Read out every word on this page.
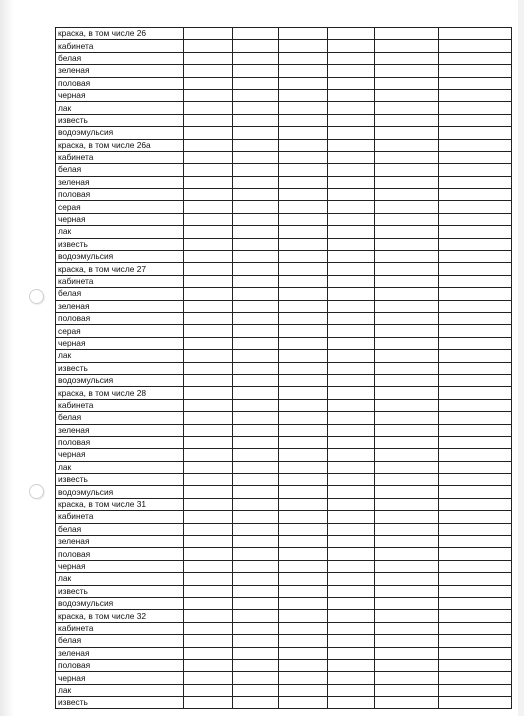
краска, в том числе 26						
кабинета						
белая						
зеленая						
половая						
черная						
лак						
известь						
водоэмульсия						
краска, в том числе 26а						
кабинета						
белая						
зеленая						
половая						
серая						
черная						
лак						
известь						
водоэмульсия						
краска, в том числе 27						
кабинета						
белая						
зеленая						
половая						
серая						
черная						
лак						
известь						
водоэмульсия						
краска, в том числе 28						
кабинета						
белая						
зеленая						
половая						
черная						
лак						
известь						
водоэмульсия						
краска, в том числе 31						
кабинета						
белая						
зеленая						
половая						
черная						
лак						
известь						
водоэмульсия						
краска, в том числе 32						
кабинета						
белая						
зеленая						
половая						
черная						
лак						
известь						
